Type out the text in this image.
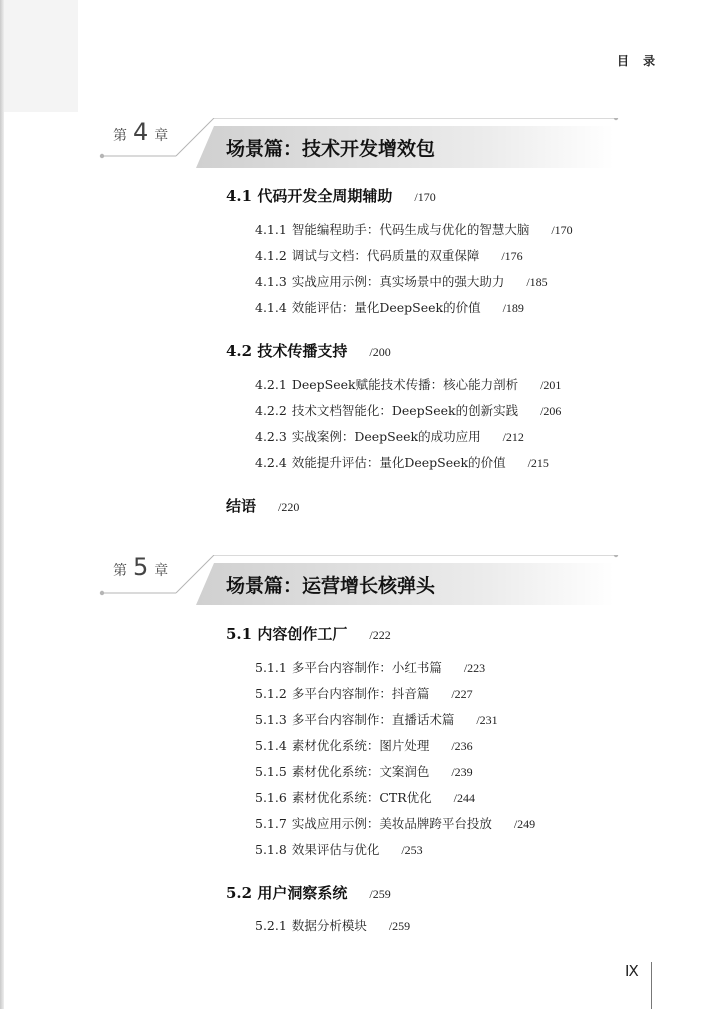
目 录
第 4 章
场景篇：技术开发增效包
4.1 代码开发全周期辅助 /170
4.1.1 智能编程助手：代码生成与优化的智慧大脑 /170
4.1.2 调试与文档：代码质量的双重保障 /176
4.1.3 实战应用示例：真实场景中的强大助力 /185
4.1.4 效能评估：量化DeepSeek的价值 /189
4.2 技术传播支持 /200
4.2.1 DeepSeek赋能技术传播：核心能力剖析 /201
4.2.2 技术文档智能化：DeepSeek的创新实践 /206
4.2.3 实战案例：DeepSeek的成功应用 /212
4.2.4 效能提升评估：量化DeepSeek的价值 /215
结语 /220
第 5 章
场景篇：运营增长核弹头
5.1 内容创作工厂 /222
5.1.1 多平台内容制作：小红书篇 /223
5.1.2 多平台内容制作：抖音篇 /227
5.1.3 多平台内容制作：直播话术篇 /231
5.1.4 素材优化系统：图片处理 /236
5.1.5 素材优化系统：文案润色 /239
5.1.6 素材优化系统：CTR优化 /244
5.1.7 实战应用示例：美妆品牌跨平台投放 /249
5.1.8 效果评估与优化 /253
5.2 用户洞察系统 /259
5.2.1 数据分析模块 /259
Ⅸ
